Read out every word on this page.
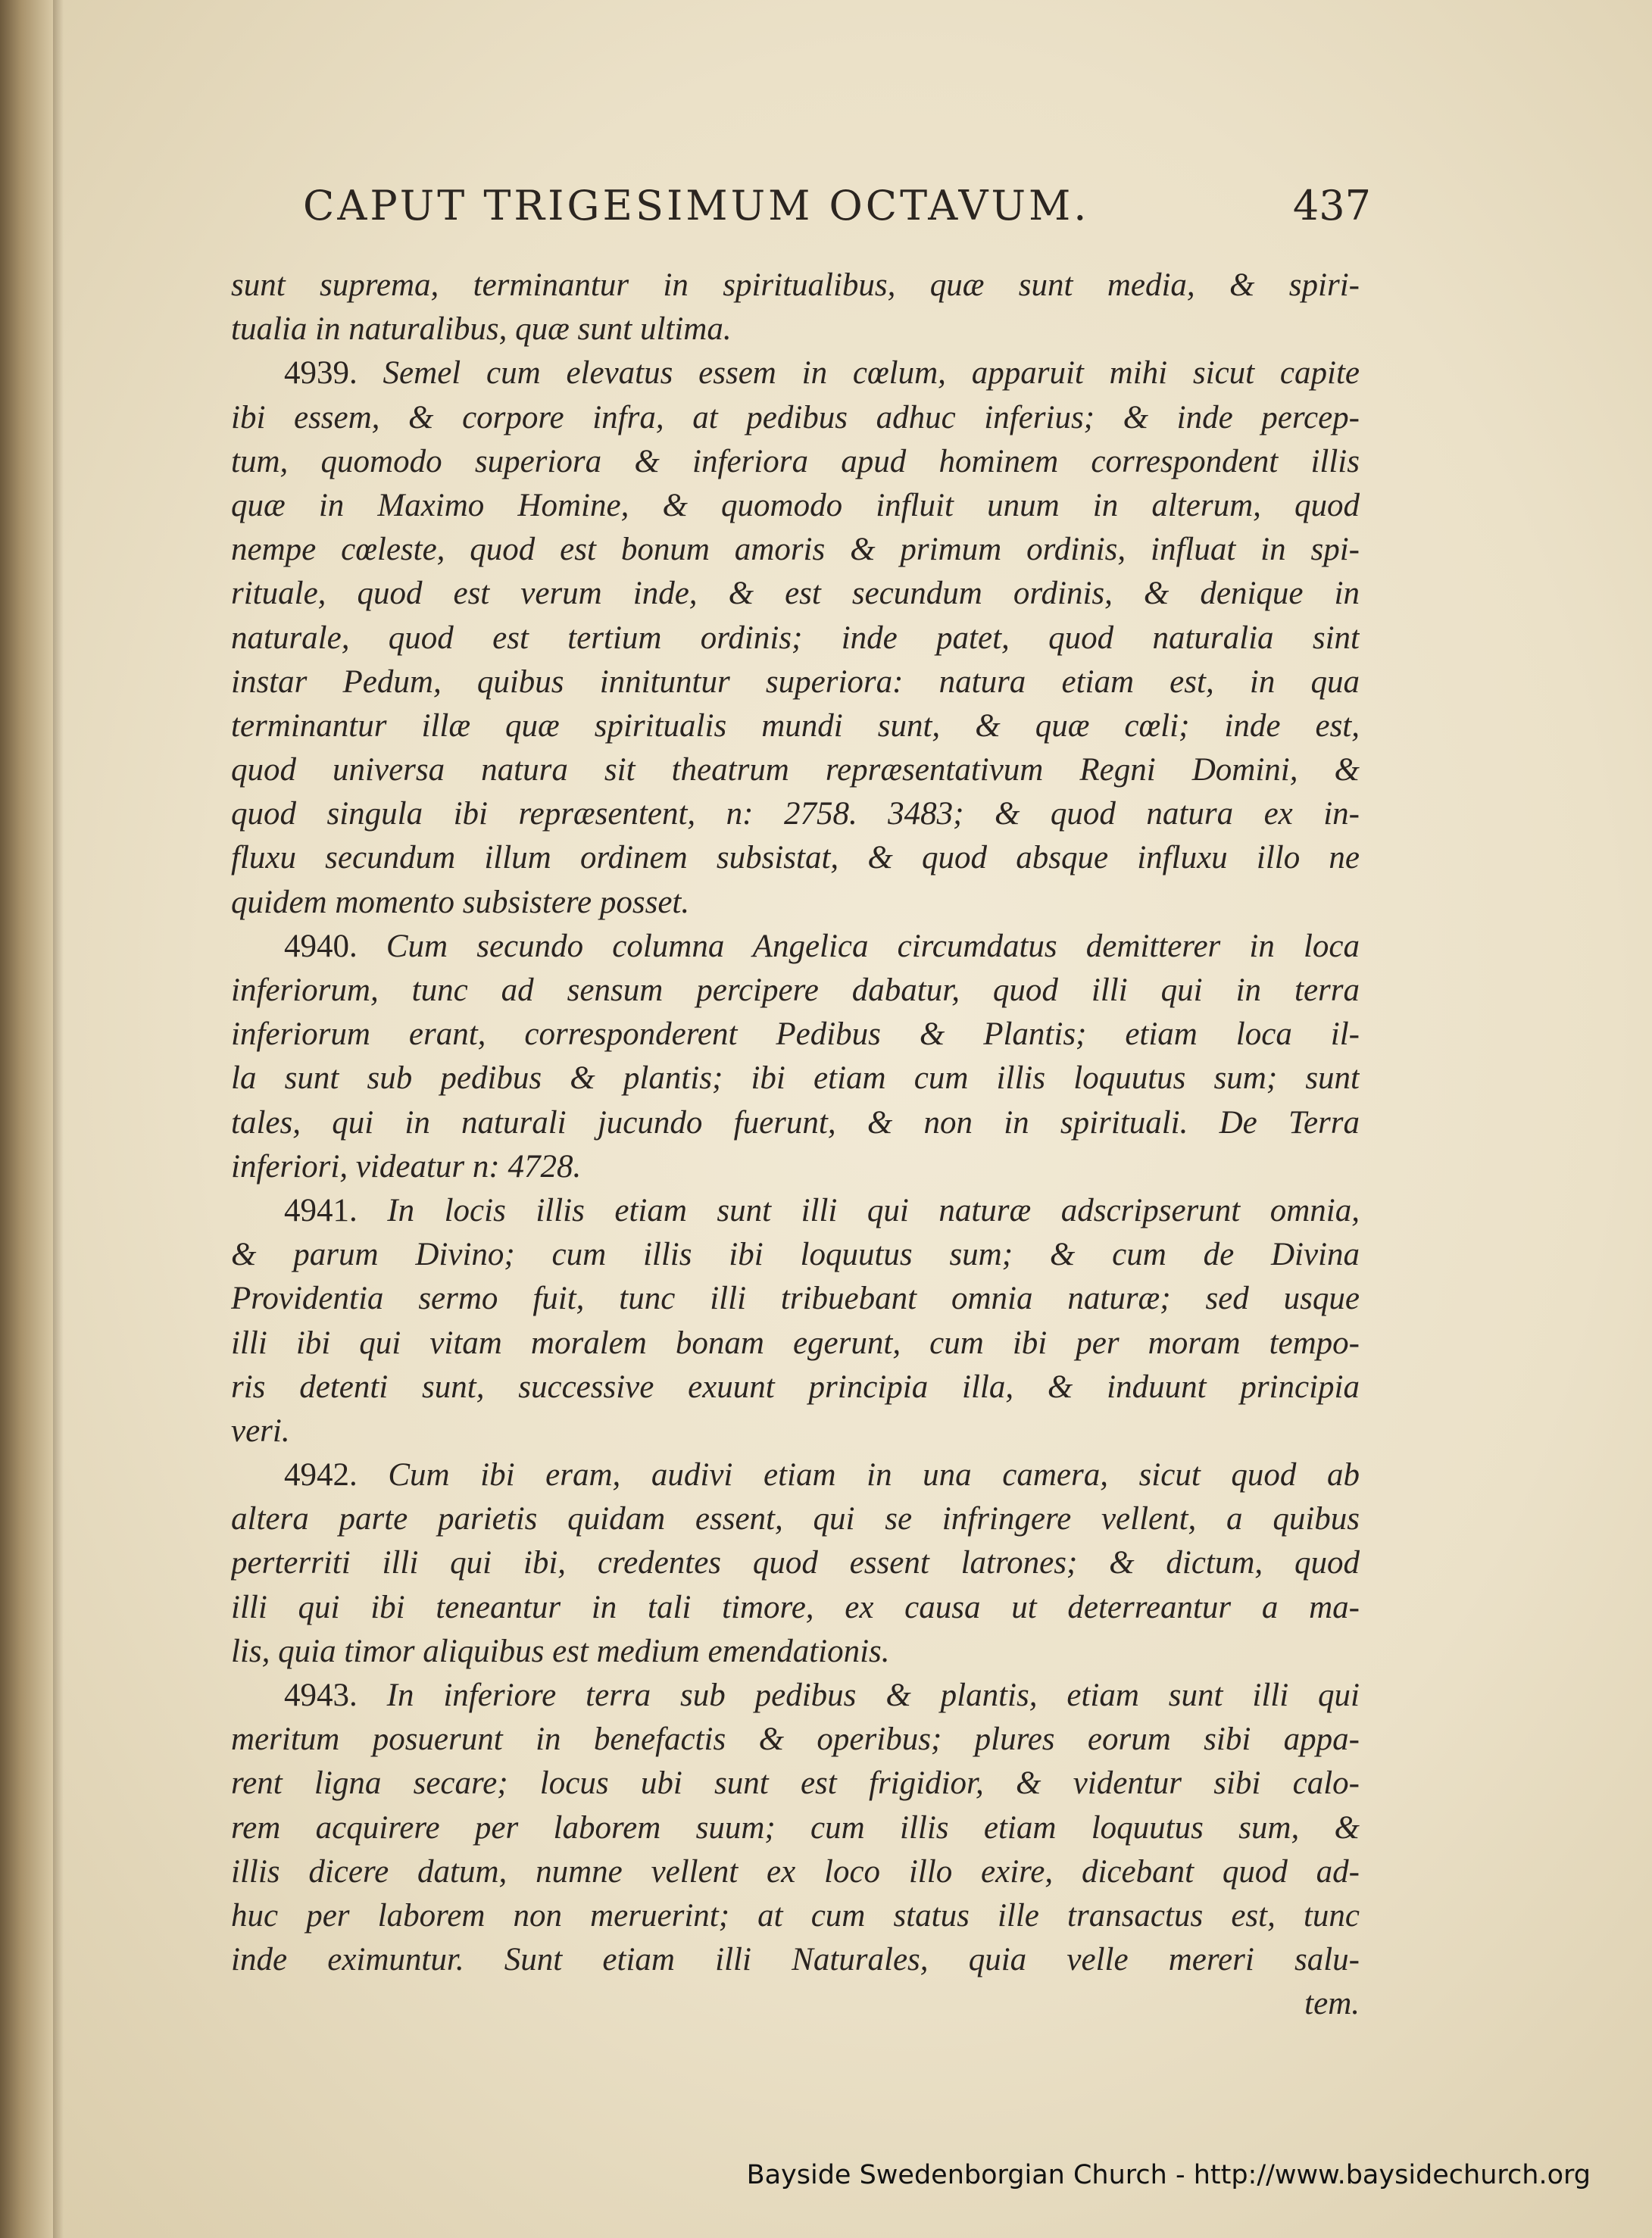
CAPUT TRIGESIMUM OCTAVUM.	437
sunt suprema, terminantur in spiritualibus, quæ sunt media, & spiri-
tualia in naturalibus, quæ sunt ultima.
4939. Semel cum elevatus essem in cœlum, apparuit mihi sicut capite
ibi essem, & corpore infra, at pedibus adhuc inferius; & inde percep-
tum, quomodo superiora & inferiora apud hominem correspondent illis
quæ in Maximo Homine, & quomodo influit unum in alterum, quod
nempe cœleste, quod est bonum amoris & primum ordinis, influat in spi-
rituale, quod est verum inde, & est secundum ordinis, & denique in
naturale, quod est tertium ordinis; inde patet, quod naturalia sint
instar Pedum, quibus innituntur superiora: natura etiam est, in qua
terminantur illæ quæ spiritualis mundi sunt, & quæ cœli; inde est,
quod universa natura sit theatrum repræsentativum Regni Domini, &
quod singula ibi repræsentent, n: 2758. 3483; & quod natura ex in-
fluxu secundum illum ordinem subsistat, & quod absque influxu illo ne
quidem momento subsistere posset.
4940. Cum secundo columna Angelica circumdatus demitterer in loca
inferiorum, tunc ad sensum percipere dabatur, quod illi qui in terra
inferiorum erant, corresponderent Pedibus & Plantis; etiam loca il-
la sunt sub pedibus & plantis; ibi etiam cum illis loquutus sum; sunt
tales, qui in naturali jucundo fuerunt, & non in spirituali. De Terra
inferiori, videatur n: 4728.
4941. In locis illis etiam sunt illi qui naturæ adscripserunt omnia,
& parum Divino; cum illis ibi loquutus sum; & cum de Divina
Providentia sermo fuit, tunc illi tribuebant omnia naturæ; sed usque
illi ibi qui vitam moralem bonam egerunt, cum ibi per moram tempo-
ris detenti sunt, successive exuunt principia illa, & induunt principia
veri.
4942. Cum ibi eram, audivi etiam in una camera, sicut quod ab
altera parte parietis quidam essent, qui se infringere vellent, a quibus
perterriti illi qui ibi, credentes quod essent latrones; & dictum, quod
illi qui ibi teneantur in tali timore, ex causa ut deterreantur a ma-
lis, quia timor aliquibus est medium emendationis.
4943. In inferiore terra sub pedibus & plantis, etiam sunt illi qui
meritum posuerunt in benefactis & operibus; plures eorum sibi appa-
rent ligna secare; locus ubi sunt est frigidior, & videntur sibi calo-
rem acquirere per laborem suum; cum illis etiam loquutus sum, &
illis dicere datum, numne vellent ex loco illo exire, dicebant quod ad-
huc per laborem non meruerint; at cum status ille transactus est, tunc
inde eximuntur. Sunt etiam illi Naturales, quia velle mereri salu-
tem.
Bayside Swedenborgian Church - http://www.baysidechurch.org
